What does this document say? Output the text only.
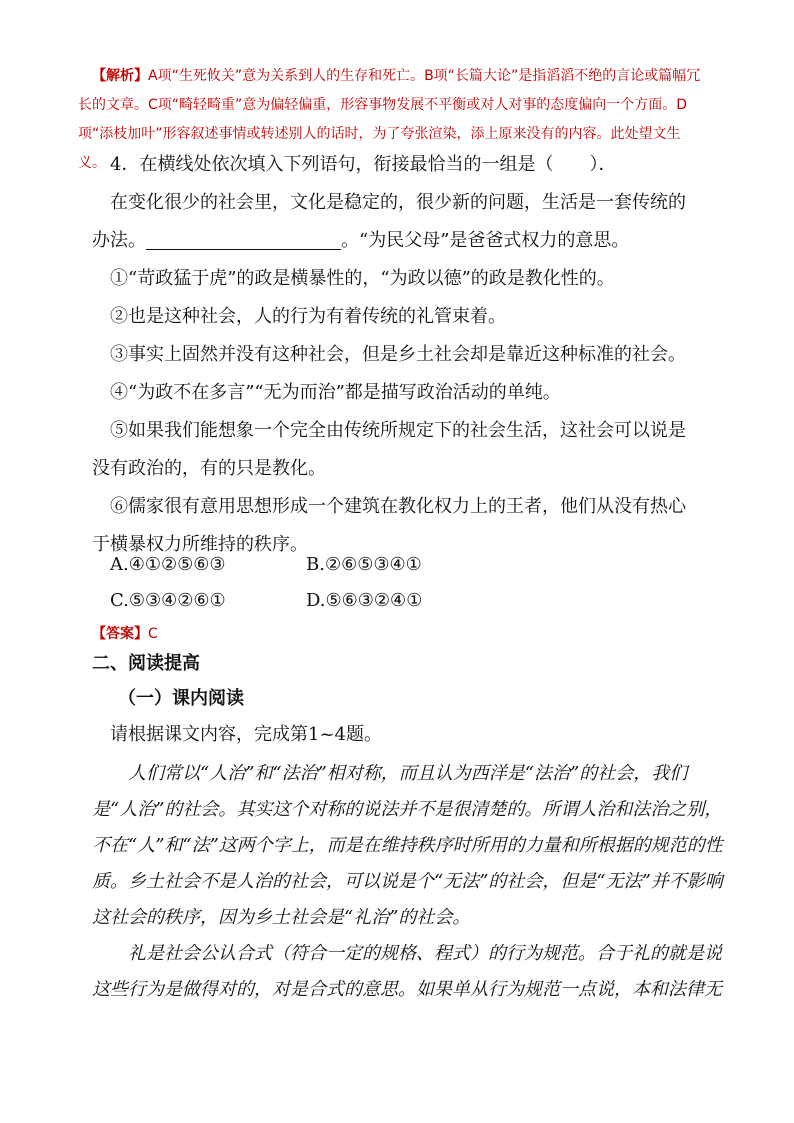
【解析】A项“生死攸关”意为关系到人的生存和死亡。B项“长篇大论”是指滔滔不绝的言论或篇幅冗长的文章。C项“畸轻畸重”意为偏轻偏重，形容事物发展不平衡或对人对事的态度偏向一个方面。D项“添枝加叶”形容叙述事情或转述别人的话时，为了夸张渲染，添上原来没有的内容。此处望文生义。 4．在横线处依次填入下列语句，衔接最恰当的一组是（　　）．
在变化很少的社会里，文化是稳定的，很少新的问题，生活是一套传统的
办法。	。“为民父母”是爸爸式权力的意思。
①“苛政猛于虎”的政是横暴性的，“为政以德”的政是教化性的。
②也是这种社会，人的行为有着传统的礼管束着。
③事实上固然并没有这种社会，但是乡土社会却是靠近这种标准的社会。
④“为政不在多言”“无为而治”都是描写政治活动的单纯。
⑤如果我们能想象一个完全由传统所规定下的社会生活，这社会可以说是
没有政治的，有的只是教化。
⑥儒家很有意用思想形成一个建筑在教化权力上的王者，他们从没有热心
于横暴权力所维持的秩序。
A.④①②⑤⑥③	B.②⑥⑤③④①
C.⑤③④②⑥①	D.⑤⑥③②④①
【答案】C
二、阅读提高
（一）课内阅读
请根据课文内容，完成第1~4题。
人们常以“人治”和“法治”相对称，而且认为西洋是“法治”的社会，我们是“人治”的社会。其实这个对称的说法并不是很清楚的。所谓人治和法治之别，不在“人”和“法”这两个字上，而是在维持秩序时所用的力量和所根据的规范的性质。乡土社会不是人治的社会，可以说是个“无法”的社会，但是“无法”并不影响这社会的秩序，因为乡土社会是“礼治”的社会。
礼是社会公认合式（符合一定的规格、程式）的行为规范。合于礼的就是说这些行为是做得对的，对是合式的意思。如果单从行为规范一点说，本和法律无
